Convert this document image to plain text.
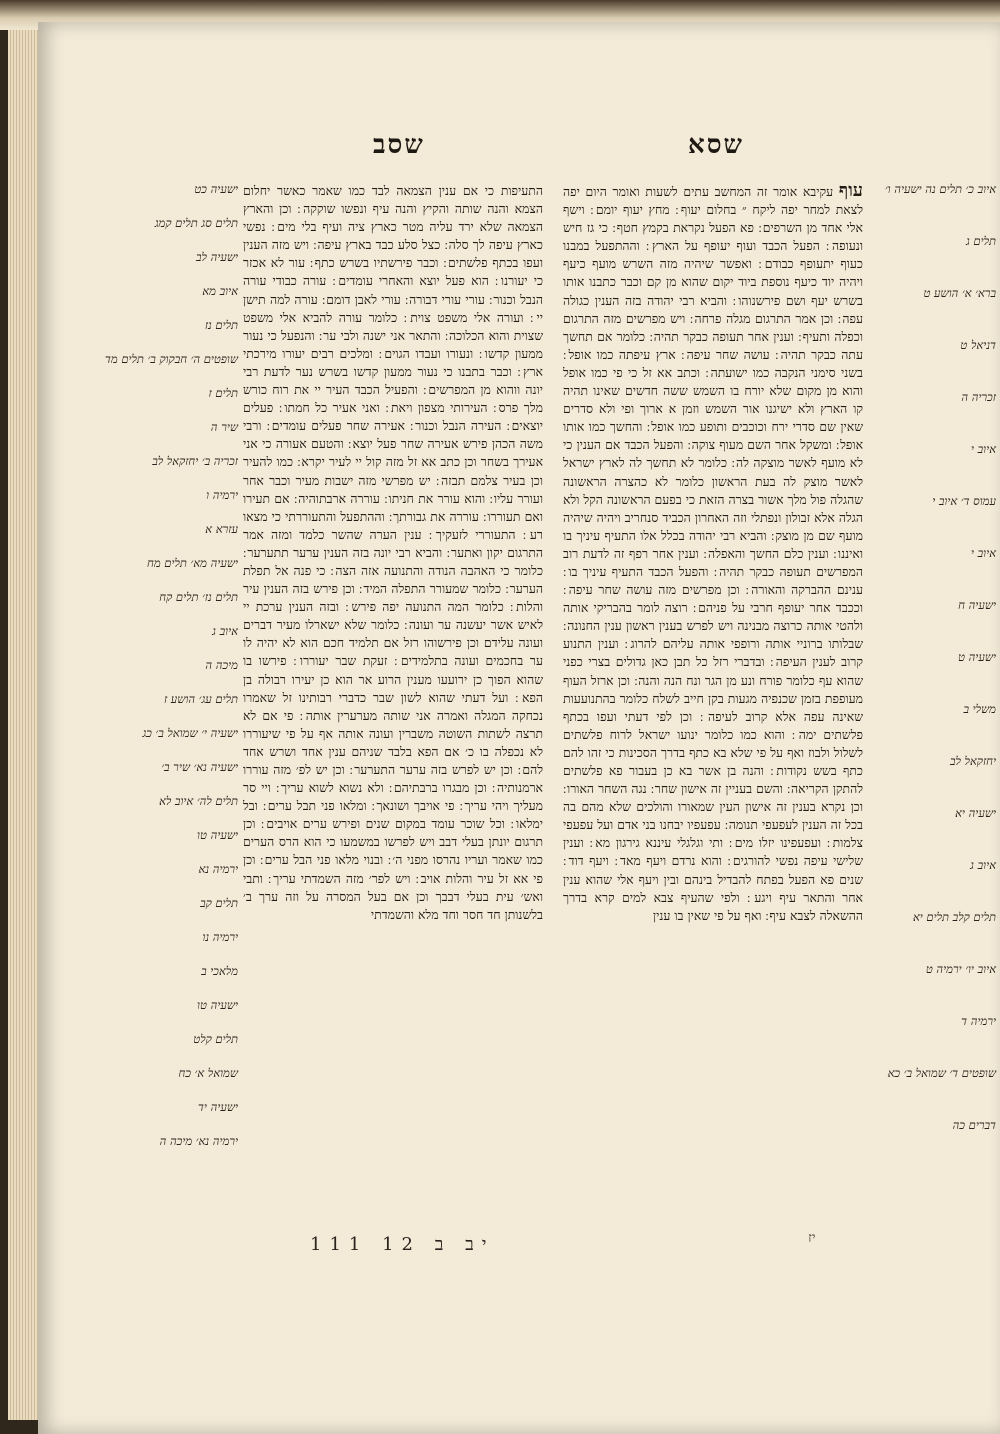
שסא
שסב

עוף עקיבא אומר זה המחשב עתים לשעות ואומר היום יפה לצאת למחר יפה ליקח ״ בחלום יעוף ׃ מחץ יעוף יומם ׃ וישף אלי אחד מן השרפים ׃ פא הפעל נקראת בקמץ חטף ׃ כי גז חיש ונעופה ׃ הפעל הכבד ועוף יעופף על הארץ ׃ וההתפעל במבנו כעוף יתעופף כבודם ׃ ואפשר שיהיה מזה השרש מועף כיעף ויהיה יוד כיעף נוספת ביוד יקום שהוא מן קם וכבר כתבנו אותו בשרש יעף ושם פירשנוהו ׃ והביא רבי יהודה בזה הענין כגולה עפה ׃ וכן אמר התרגום מגלה פרחה ׃ ויש מפרשים מזה התרגום וכפלה ותעיף ׃ וענין אחר תעופה כבקר תהיה ׃ כלומר אם תחשך עתה כבקר תהיה ׃ עושה שחר עיפה ׃ ארץ עיפתה כמו אופל ׃ בשני סימני הנקבה כמו ישועתה ׃ וכתב אא זל כי פי כמו אופל והוא מן מקום שלא יורח בו השמש ששה חדשים שאינו תהיה קו הארץ ולא ישיגנו אור השמש וזמן א ארוך ופי ולא סדרים שאין שם סדרי ירח וכוכבים ותופע כמו אופל ׃ והחשך כמו אותו אופל ׃ ומשקל אחר השם מעוף צוקה ׃ והפעל הכבד אם הענין כי לא מועף לאשר מוצקה לה ׃ כלומר לא תחשך לה לארץ ישראל לאשר מוצק לה בעת הראשון כלומר לא כהצרה הראשונה שהגלה פול מלך אשור בצרה הזאת כי בפעם הראשונה הקל ולא הגלה אלא זבולון ונפתלי וזה האחרון הכביד סנחריב ויהיה שיהיה מועף שם מן מוצק ׃ והביא רבי יהודה בכלל אלו התעיף עיניך בו ואיננו ׃ וענין כלם החשך והאפלה ׃ וענין אחר רפף זה לדעת רוב המפרשים תעופה כבקר תהיה ׃ והפעל הכבד התעיף עיניך בו ׃ ענינם ההברקה והאורה ׃ וכן מפרשים מזה עושה שחר עיפה ׃ וככבד אחר יעופף חרבי על פניהם ׃ רוצה לומר בהבריקי אותה ולהטי אותה כרוצה מבנינה ויש לפרש בענין ראשון ענין החנונה ׃ שבלותו ברוניי אותה ורופפי אותה עליהם להרוג ׃ וענין התנוע קרוב לענין העיפה ׃ ובדברי רזל כל תבן כאן גדולים בצרי כפני שהוא עף כלומר פורח ונע מן הגר ונח הנה והנה ׃ וכן ארזל העוף מעופפת בזמן שכנפיה מגעות בקן חייב לשלח כלומר בהתנועעות שאינה עפה אלא קרוב לעיפה ׃ וכן לפי דעתי ועפו בכתף פלשתים ימה ׃ והוא כמו כלומר ינועו ישראל לרוח פלשתים לשלול ולבוז ואף על פי שלא בא כתף בדרך הסכינות כי זהו להם כתף בשש נקודות ׃ והנה בן אשר בא כן בעבור פא פלשתים להתקן הקריאה ׃ והשם בעניין זה אישון שחר ׃ נגה השחר האורו ׃ וכן נקרא בענין זה אישון העין שמאורו והולכים שלא מהם בה בכל זה הענין לעפעפי תנומה ׃ עפעפיו יבחנו בני אדם ועל עפעפי צלמות ׃ ועפעפינו יזלו מים ׃ ותי וגלגלי עיננא גירגון מא ׃ וענין שלישי עיפה נפשי להורגים ׃ והוא נרדם ויעף מאד ׃ ויעף דוד ׃ שנים פא הפעל בפתח להבדיל בינהם ובין ויעף אלי שהוא ענין אחר והתאר עיף ויגע ׃ ולפי שהעיף צבא למים קרא בדרך ההשאלה לצבא עיף ׃ ואף על פי שאין בו ענין

התעיפות כי אם ענין הצמאה לבד כמו שאמר כאשר יחלום הצמא והנה שותה והקיץ והנה עיף ונפשו שוקקה ׃ וכן והארץ הצמאה שלא ירד עליה מטר כארץ ציה ועיף בלי מים ׃ נפשי כארץ עיפה לך סלה ׃ כצל סלע כבד בארץ עיפה ׃ ויש מזה הענין ועפו בכתף פלשתים ׃ וכבר פירשתיו בשרש כתף ׃ עור לא אכזר כי יעורנו ׃ הוא פעל יוצא והאחרי עומדים ׃ עורה כבודי עורה הנבל וכנור ׃ עורי עורי דבורה ׃ עורי לאבן דומם ׃ עורה למה תישן יי ׃ ועורה אלי משפט צוית ׃ כלומר עורה להביא אלי משפט שצוית והוא הכלוכה ׃ והתאר אני ישנה ולבי ער ׃ והנפעל כי נעור ממעון קדשו ׃ ונעורו ועבדו הגוים ׃ ומלכים רבים יעורו מירכתי ארץ ׃ וכבר בתבנו כי נעור ממעון קדשו בשרש נער לדעת רבי יונה ווהוא מן המפרשים ׃ והפעיל הכבד העיר יי את רוח כורש מלך פרס ׃ העירותי מצפון ויאת ׃ ואני אעיר כל חמתו ׃ פעלים יוצאים ׃ העירה הנבל וכנור ׃ אעירה שחר פעלים עומדים ׃ ורבי משה הכהן פירש אעירה שחר פעל יוצא ׃ והטעם אעורה כי אני אעירך בשחר וכן כתב אא זל מזה קול יי לעיר יקרא ׃ כמו להעיר וכן בעיר צלמם תבזה ׃ יש מפרשי מזה ישבות מעיר וכבר אחר ועורר עליו ׃ והוא עורר את חניתו ׃ עוררה ארבתוהיה ׃ אם תעירו ואם תעוררו ׃ עוררה את גבורתך ׃ וההתפעל והתעוררתי כי מצאו רע ׃ התעוררי לזעקיך ׃ ענין הערה שהשר כלמד ומזה אמר התרגום יקון ואתער ׃ והביא רבי יונה בזה הענין ערער תתערער ׃ כלומר כי האהבה הנודה והתנועה אזה הצה ׃ כי פנה אל תפלת הערער ׃ כלומר שמעורר התפלה המיד ׃ וכן פירש בזה הענין עיר והלות ׃ כלומר המה התנועה יפה פירש ׃ ובזה הענין ערכת יי לאיש אשר יעשנה ער ועונה ׃ כלומר שלא ישארלו מעיר דברים ועונה עלידם וכן פירשוהו רזל אם תלמיד חכם הוא לא יהיה לו ער בחכמים ועונה בתלמידים ׃ זעקת שבר יעוררו ׃ פירשו בו שהוא הפוך כן ירועעו מענין הרוע אר הוא כן יעירו רבולה בן הפא ׃ ועל דעתי שהוא לשון שבר כדברי רבותינו זל שאמרו נכחקה המגלה ואמרה אני שותה מערערין אותה ׃ פי אם לא תרצה לשתות השוטה משברין ועונה אותה אף על פי שיעוררו לא נכפלה בו כ׳ אם הפא בלבד שניהם ענין אחד ושרש אחד להם ׃ וכן יש לפרש בזה ערער התערער ׃ וכן יש לפ׳ מזה עוררו ארמנותיה ׃ וכן מבגרו ברבתיהם ׃ ולא נשוא לשוא עריך ׃ ויי סר מעליך ויהי עריך ׃ פי אויבך ושונאך ׃ ומלאו פני תבל ערים ׃ ובל ימלאו ׃ וכל שוכר עומד במקום שנים ופירש ערים אויבים ׃ וכן תרגום יונתן בעלי דבב ויש לפרשו במשמעו כי הוא הרס הערים כמו שאמר ועריו נהרסו מפני ה׳ ׃ ובנוי מלאו פני הבל ערים ׃ וכן פי אא זל עיר והלות אויב ׃ ויש לפר׳ מזה השמדתי עריך ׃ ותבי ואש׳ עית בעלי דבבך וכן אם בעל המסרה על וזה ערך ב׳ בלשנותן חד חסר וחד מלא והשמדתי

איוב כ׳ תלים נה ישעיה ו׳
תלים ג
ברא׳ א׳ הושע ט
דניאל ט
זכריה ה
איוב י
עמוס ד׳ איוב י
איוב י
ישעיה ח
ישעיה ט
משלי ב
יחזקאל לב
ישעיה יא
איוב ג
תלים קלב תלים יא
איוב יו׳ ירמיה ט
ירמיה ד
שופטים ד׳ שמואל ב׳ כא
דברים כה
ישעיה כט
תלים סג תלים קמג
ישעיה לב
איוב מא
תלים נז
שופטים ה׳ חבקוק ב׳ תלים מד
תלים ז
שיר ה
זכריה ב׳ יחזקאל לב
ירמיה ו
עזרא א
ישעיה מא׳ תלים מח
תלים נז׳ תלים קח
איוב ג
מיכה ה
תלים עג׳ הושע ז
ישעיה י׳ שמואל ב׳ כג
ישעיה נא׳ שיר ב׳
תלים לה׳ איוב לא
ישעיה טו
ירמיה נא
תלים קב
ירמיה נו
מלאכי ב
ישעיה טו
תלים קלט
שמואל א׳ כח
ישעיה יד
ירמיה נא׳ מיכה ה
יב ב 12 111	יז
